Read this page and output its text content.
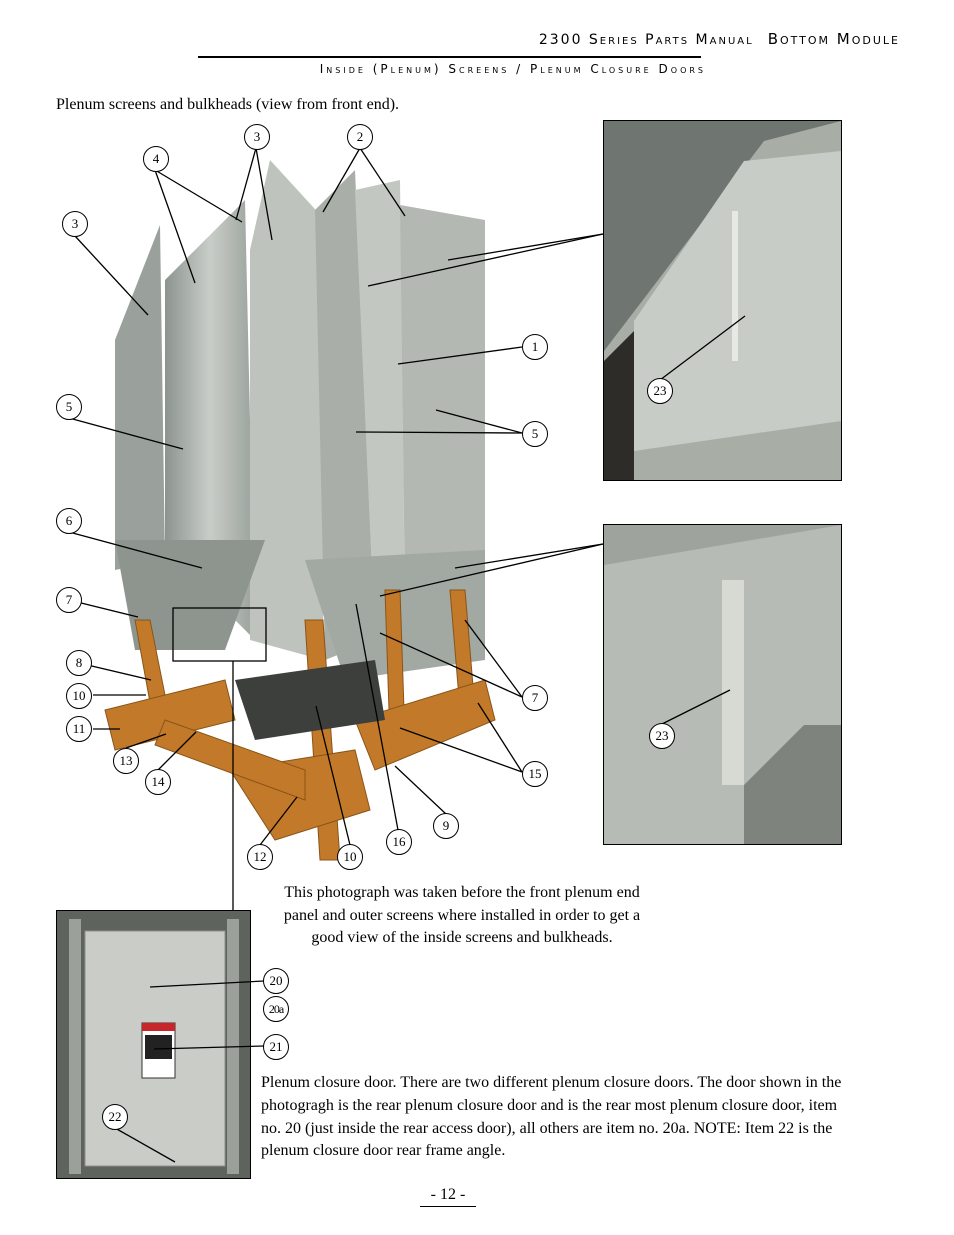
2300 Series Parts Manual Bottom Module
Inside (Plenum) Screens / Plenum Closure Doors
Plenum screens and bulkheads (view from front end).
3	2
4
3
1
5
5
6
7
8
10
11
13
14
7
15
9
16
12	10
23
23
20
20a
21
22
This photograph was taken before the front plenum end panel and outer screens where installed in order to get a good view of the inside screens and bulkheads.
Plenum closure door. There are two different plenum closure doors. The door shown in the photogragh is the rear plenum closure door and is the rear most plenum closure door, item no. 20 (just inside the rear access door), all others are item no. 20a. NOTE: Item 22 is the plenum closure door rear frame angle.
- 12 -
